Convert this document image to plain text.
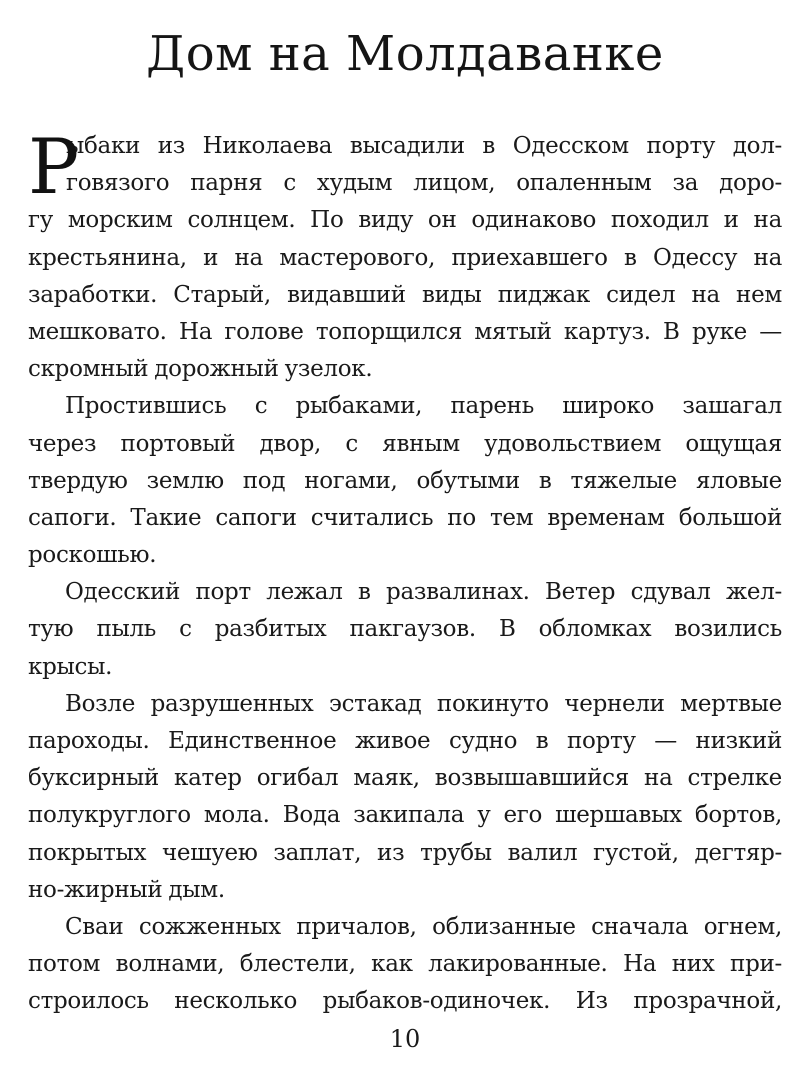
Дом на Молдаванке
Р
ыбаки из Николаева высадили в Одесском порту дол-
говязого парня с худым лицом, опаленным за доро-
гу морским солнцем. По виду он одинаково походил и на
крестьянина, и на мастерового, приехавшего в Одессу на
заработки. Старый, видавший виды пиджак сидел на нем
мешковато. На голове топорщился мятый картуз. В руке —
скромный дорожный узелок.
Простившись с рыбаками, парень широко зашагал
через портовый двор, с явным удовольствием ощущая
твердую землю под ногами, обутыми в тяжелые яловые
сапоги. Такие сапоги считались по тем временам большой
роскошью.
Одесский порт лежал в развалинах. Ветер сдувал жел-
тую пыль с разбитых пакгаузов. В обломках возились
крысы.
Возле разрушенных эстакад покинуто чернели мертвые
пароходы. Единственное живое судно в порту — низкий
буксирный катер огибал маяк, возвышавшийся на стрелке
полукруглого мола. Вода закипала у его шершавых бортов,
покрытых чешуею заплат, из трубы валил густой, дегтяр-
но-жирный дым.
Сваи сожженных причалов, облизанные сначала огнем,
потом волнами, блестели, как лакированные. На них при-
строилось несколько рыбаков-одиночек. Из прозрачной,
10
